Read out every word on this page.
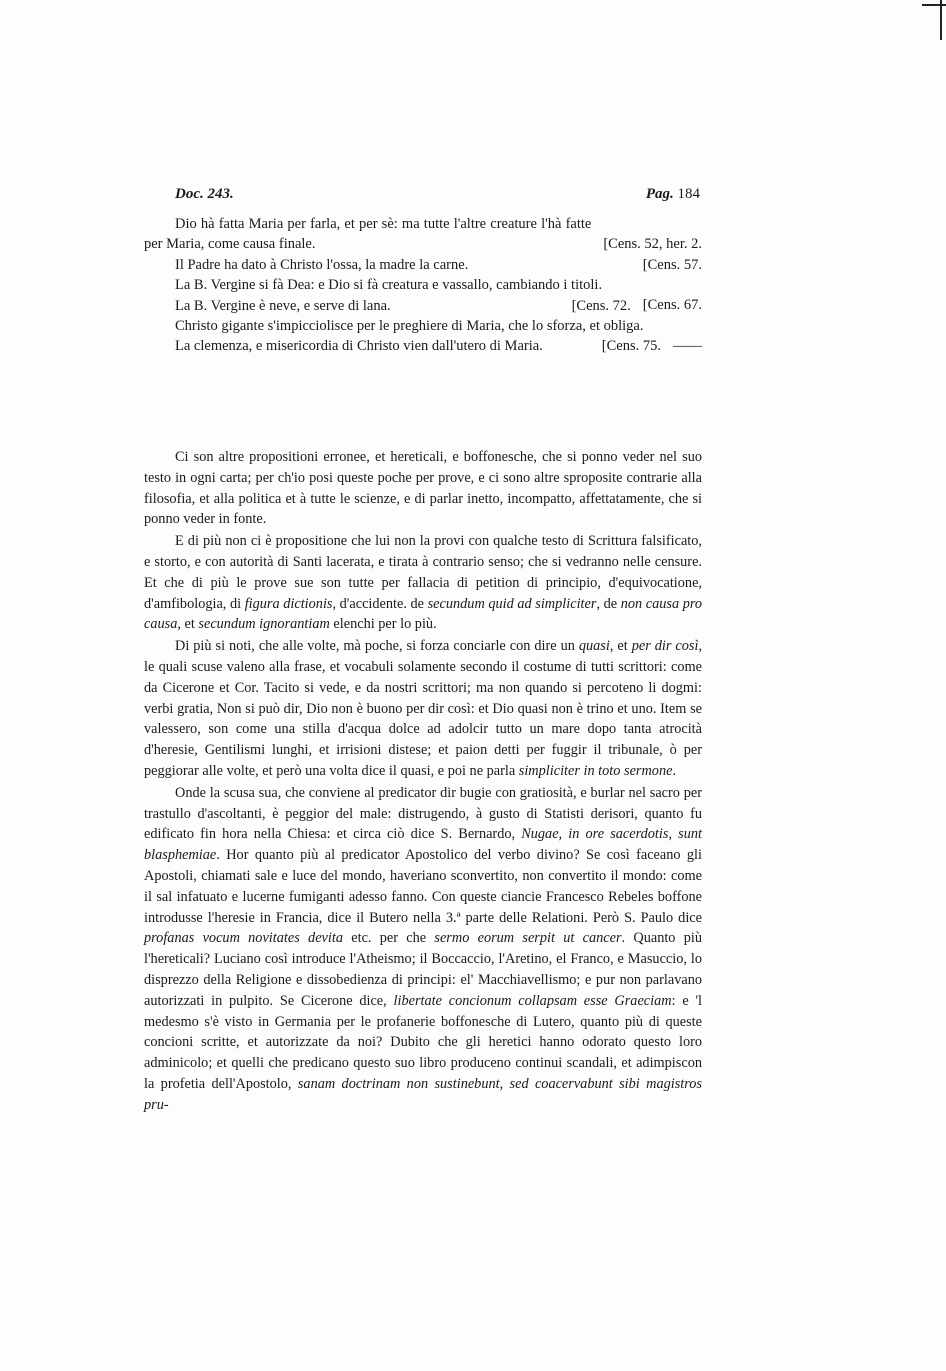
Doc. 243.	Pag. 184
[Cens. 52, her. 2.
Dio hà fatta Maria per farla, et per sè: ma tutte l'altre creature l'hà fatte per Maria, come causa finale.
[Cens. 57.
Il Padre ha dato à Christo l'ossa, la madre la carne.
[Cens. 67.
La B. Vergine si fà Dea: e Dio si fà creatura e vassallo, cambiando i titoli.
[Cens. 72.
La B. Vergine è neve, e serve di lana.
——
Christo gigante s'impicciolisce per le preghiere di Maria, che lo sforza, et obliga.
[Cens. 75.
La clemenza, e misericordia di Christo vien dall'utero di Maria.

Ci son altre propositioni erronee, et hereticali, e boffonesche, che si ponno veder nel suo testo in ogni carta; per ch'io posi queste poche per prove, e ci sono altre sproposite contrarie alla filosofia, et alla politica et à tutte le scienze, e di parlar inetto, incompatto, affettatamente, che si ponno veder in fonte.

E di più non ci è propositione che lui non la provi con qualche testo di Scrittura falsificato, e storto, e con autorità di Santi lacerata, e tirata à contrario senso; che si vedranno nelle censure. Et che di più le prove sue son tutte per fallacia di petition di principio, d'equivocatione, d'amfibologia, di figura dictionis, d'accidente. de secundum quid ad simpliciter, de non causa pro causa, et secundum ignorantiam elenchi per lo più.

Di più si noti, che alle volte, mà poche, si forza conciarle con dire un quasi, et per dir così, le quali scuse valeno alla frase, et vocabuli solamente secondo il costume di tutti scrittori: come da Cicerone et Cor. Tacito si vede, e da nostri scrittori; ma non quando si percoteno li dogmi: verbi gratia, Non si può dir, Dio non è buono per dir così: et Dio quasi non è trino et uno. Item se valessero, son come una stilla d'acqua dolce ad adolcir tutto un mare dopo tanta atrocità d'heresie, Gentilismi lunghi, et irrisioni distese; et paion detti per fuggir il tribunale, ò per peggiorar alle volte, et però una volta dice il quasi, e poi ne parla simpliciter in toto sermone.

Onde la scusa sua, che conviene al predicator dir bugie con gratiosità, e burlar nel sacro per trastullo d'ascoltanti, è peggior del male: distrugendo, à gusto di Statisti derisori, quanto fu edificato fin hora nella Chiesa: et circa ciò dice S. Bernardo, Nugae, in ore sacerdotis, sunt blasphemiae. Hor quanto più al predicator Apostolico del verbo divino? Se così faceano gli Apostoli, chiamati sale e luce del mondo, haveriano sconvertito, non convertito il mondo: come il sal infatuato e lucerne fumiganti adesso fanno. Con queste ciancie Francesco Rebeles boffone introdusse l'heresie in Francia, dice il Butero nella 3.ª parte delle Relationi. Però S. Paulo dice profanas vocum novitates devita etc. per che sermo eorum serpit ut cancer. Quanto più l'hereticali? Luciano così introduce l'Atheismo; il Boccaccio, l'Aretino, el Franco, e Masuccio, lo disprezzo della Religione e dissobedienza di principi: el' Macchiavellismo; e pur non parlavano autorizzati in pulpito. Se Cicerone dice, libertate concionum collapsam esse Graeciam: e 'l medesmo s'è visto in Germania per le profanerie boffonesche di Lutero, quanto più di queste concioni scritte, et autorizzate da noi? Dubito che gli heretici hanno odorato questo loro adminicolo; et quelli che predicano questo suo libro produceno continui scandali, et adimpiscon la profetia dell'Apostolo, sanam doctrinam non sustinebunt, sed coacervabunt sibi magistros pru-
